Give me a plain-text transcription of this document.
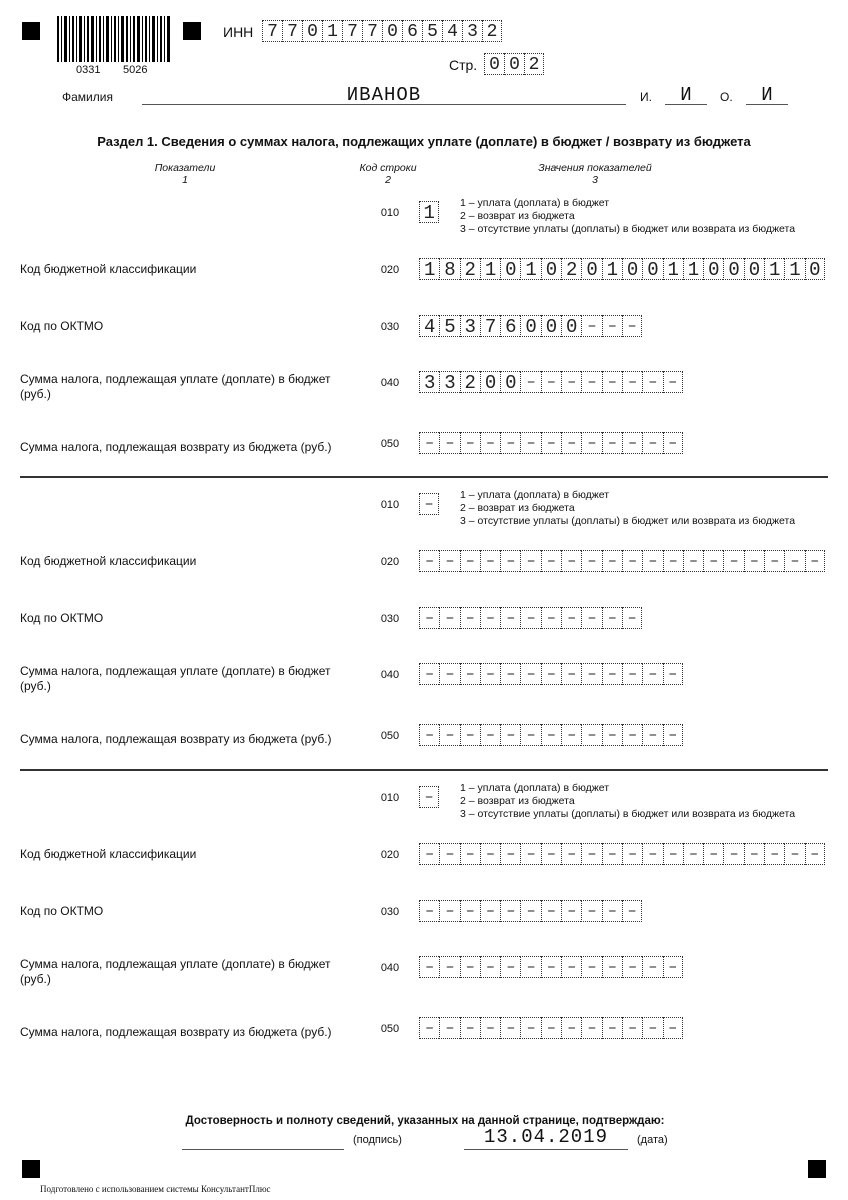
0331 5026
ИНН 7 7 0 1 7 7 0 6 5 4 3 2
Стр. 0 0 2
Фамилия	ИВАНОВ	И.	И	О.	И
Раздел 1. Сведения о суммах налога, подлежащих уплате (доплате) в бюджет / возврату из бюджета
Показатели
1
Код строки
2
Значения показателей
3
010	1	1 – уплата (доплата) в бюджет
2 – возврат из бюджета
3 – отсутствие уплаты (доплаты) в бюджет или возврата из бюджета
Код бюджетной классификации	020	1 8 2 1 0 1 0 2 0 1 0 0 1 1 0 0 0 1 1 0
Код по ОКТМО	030	4 5 3 7 6 0 0 0 – – –
Сумма налога, подлежащая уплате (доплате) в бюджет (руб.)
040	3 3 2 0 0 – – – – – – – –
Сумма налога, подлежащая возврату из бюджета (руб.)	050	– – – – – – – – – – – – –
010	–
1 – уплата (доплата) в бюджет
2 – возврат из бюджета
3 – отсутствие уплаты (доплаты) в бюджет или возврата из бюджета
Код бюджетной классификации	020	– – – – – – – – – – – – – – – – – – – –
Код по ОКТМО	030	– – – – – – – – – – –
Сумма налога, подлежащая уплате (доплате) в бюджет (руб.)
040	– – – – – – – – – – – – –
Сумма налога, подлежащая возврату из бюджета (руб.)	050	– – – – – – – – – – – – –
010	–
1 – уплата (доплата) в бюджет
2 – возврат из бюджета
3 – отсутствие уплаты (доплаты) в бюджет или возврата из бюджета
Код бюджетной классификации	020	– – – – – – – – – – – – – – – – – – – –
Код по ОКТМО	030	– – – – – – – – – – –
Сумма налога, подлежащая уплате (доплате) в бюджет (руб.)
040	– – – – – – – – – – – – –
Сумма налога, подлежащая возврату из бюджета (руб.)	050	– – – – – – – – – – – – –
Достоверность и полноту сведений, указанных на данной странице, подтверждаю:
(подпись)	13.04.2019	(дата)
Подготовлено с использованием системы КонсультантПлюс
